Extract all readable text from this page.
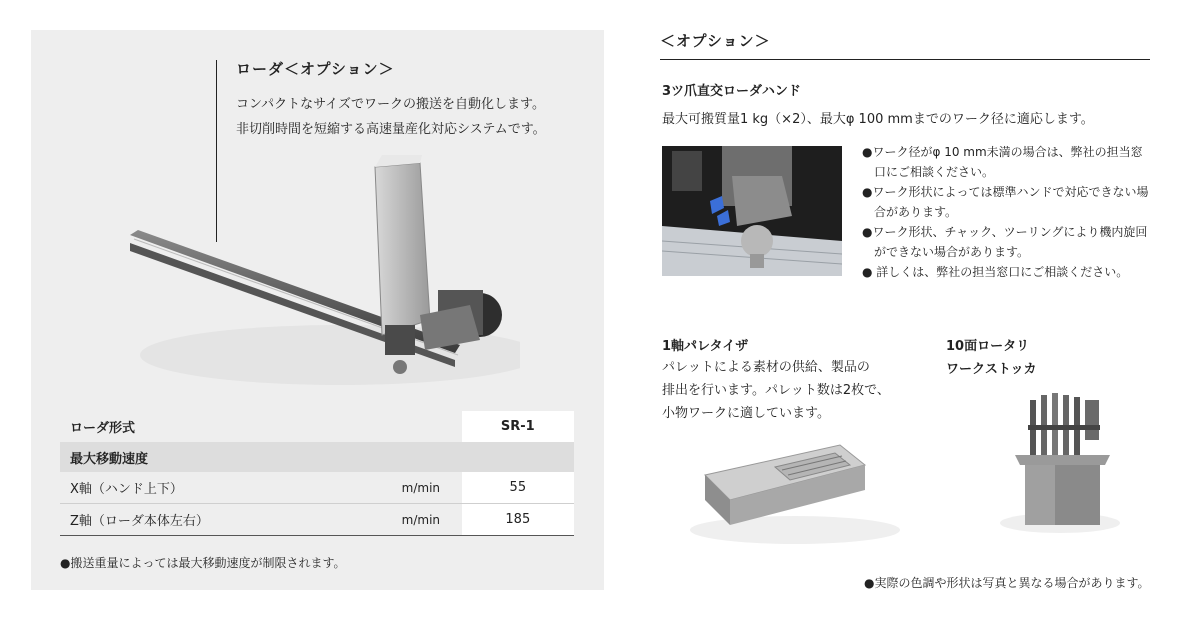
ローダ＜オプション＞
コンパクトなサイズでワークの搬送を自動化します。
非切削時間を短縮する高速量産化対応システムです。
ローダ形式		SR-1
最大移動速度		
X軸（ハンド上下）	m/min	55
Z軸（ローダ本体左右）	m/min	185
●搬送重量によっては最大移動速度が制限されます。
＜オプション＞
3ツ爪直交ローダハンド
最大可搬質量1 kg（×2）、最大φ 100 mmまでのワーク径に適応します。
● ワーク径がφ 10 mm未満の場合は、弊社の担当窓口にご相談ください。
● ワーク形状によっては標準ハンドで対応できない場合があります。
● ワーク形状、チャック、ツーリングにより機内旋回ができない場合があります。
● 詳しくは、弊社の担当窓口にご相談ください。
1軸パレタイザ
パレットによる素材の供給、製品の
排出を行います。パレット数は2枚で、
小物ワークに適しています。
10面ロータリ
ワークストッカ
●実際の色調や形状は写真と異なる場合があります。
